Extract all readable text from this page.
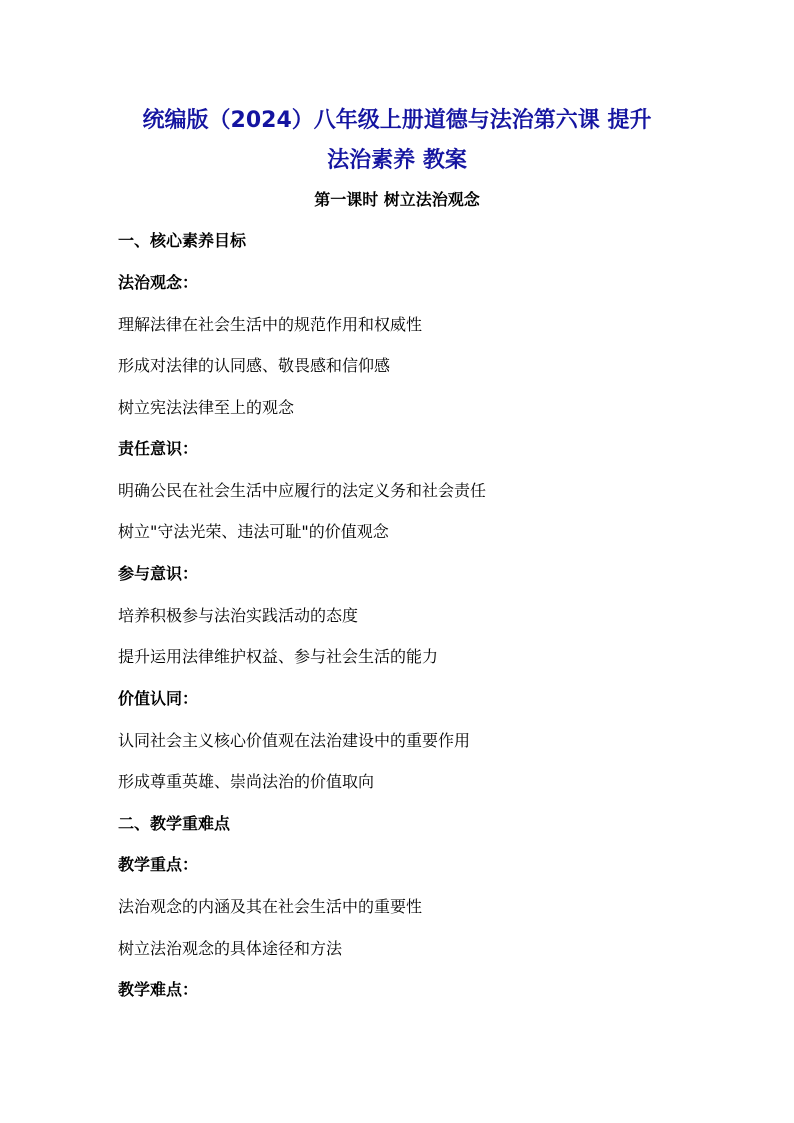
统编版（2024）八年级上册道德与法治第六课 提升
法治素养 教案
第一课时 树立法治观念
一、核心素养目标
法治观念：
理解法律在社会生活中的规范作用和权威性
形成对法律的认同感、敬畏感和信仰感
树立宪法法律至上的观念
责任意识：
明确公民在社会生活中应履行的法定义务和社会责任
树立"守法光荣、违法可耻"的价值观念
参与意识：
培养积极参与法治实践活动的态度
提升运用法律维护权益、参与社会生活的能力
价值认同：
认同社会主义核心价值观在法治建设中的重要作用
形成尊重英雄、崇尚法治的价值取向
二、教学重难点
教学重点：
法治观念的内涵及其在社会生活中的重要性
树立法治观念的具体途径和方法
教学难点：
